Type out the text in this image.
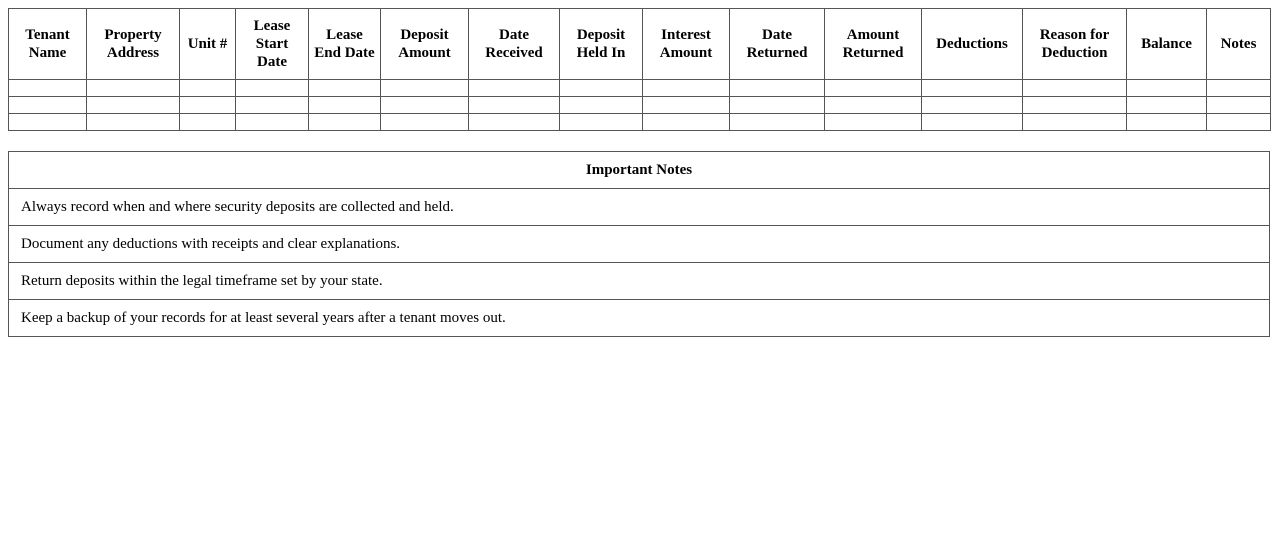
Tenant Name	Property Address	Unit #	Lease Start Date	Lease End Date	Deposit Amount	Date Received	Deposit Held In	Interest Amount	Date Returned	Amount Returned	Deductions	Reason for Deduction	Balance	Notes

Important Notes
Always record when and where security deposits are collected and held.
Document any deductions with receipts and clear explanations.
Return deposits within the legal timeframe set by your state.
Keep a backup of your records for at least several years after a tenant moves out.
